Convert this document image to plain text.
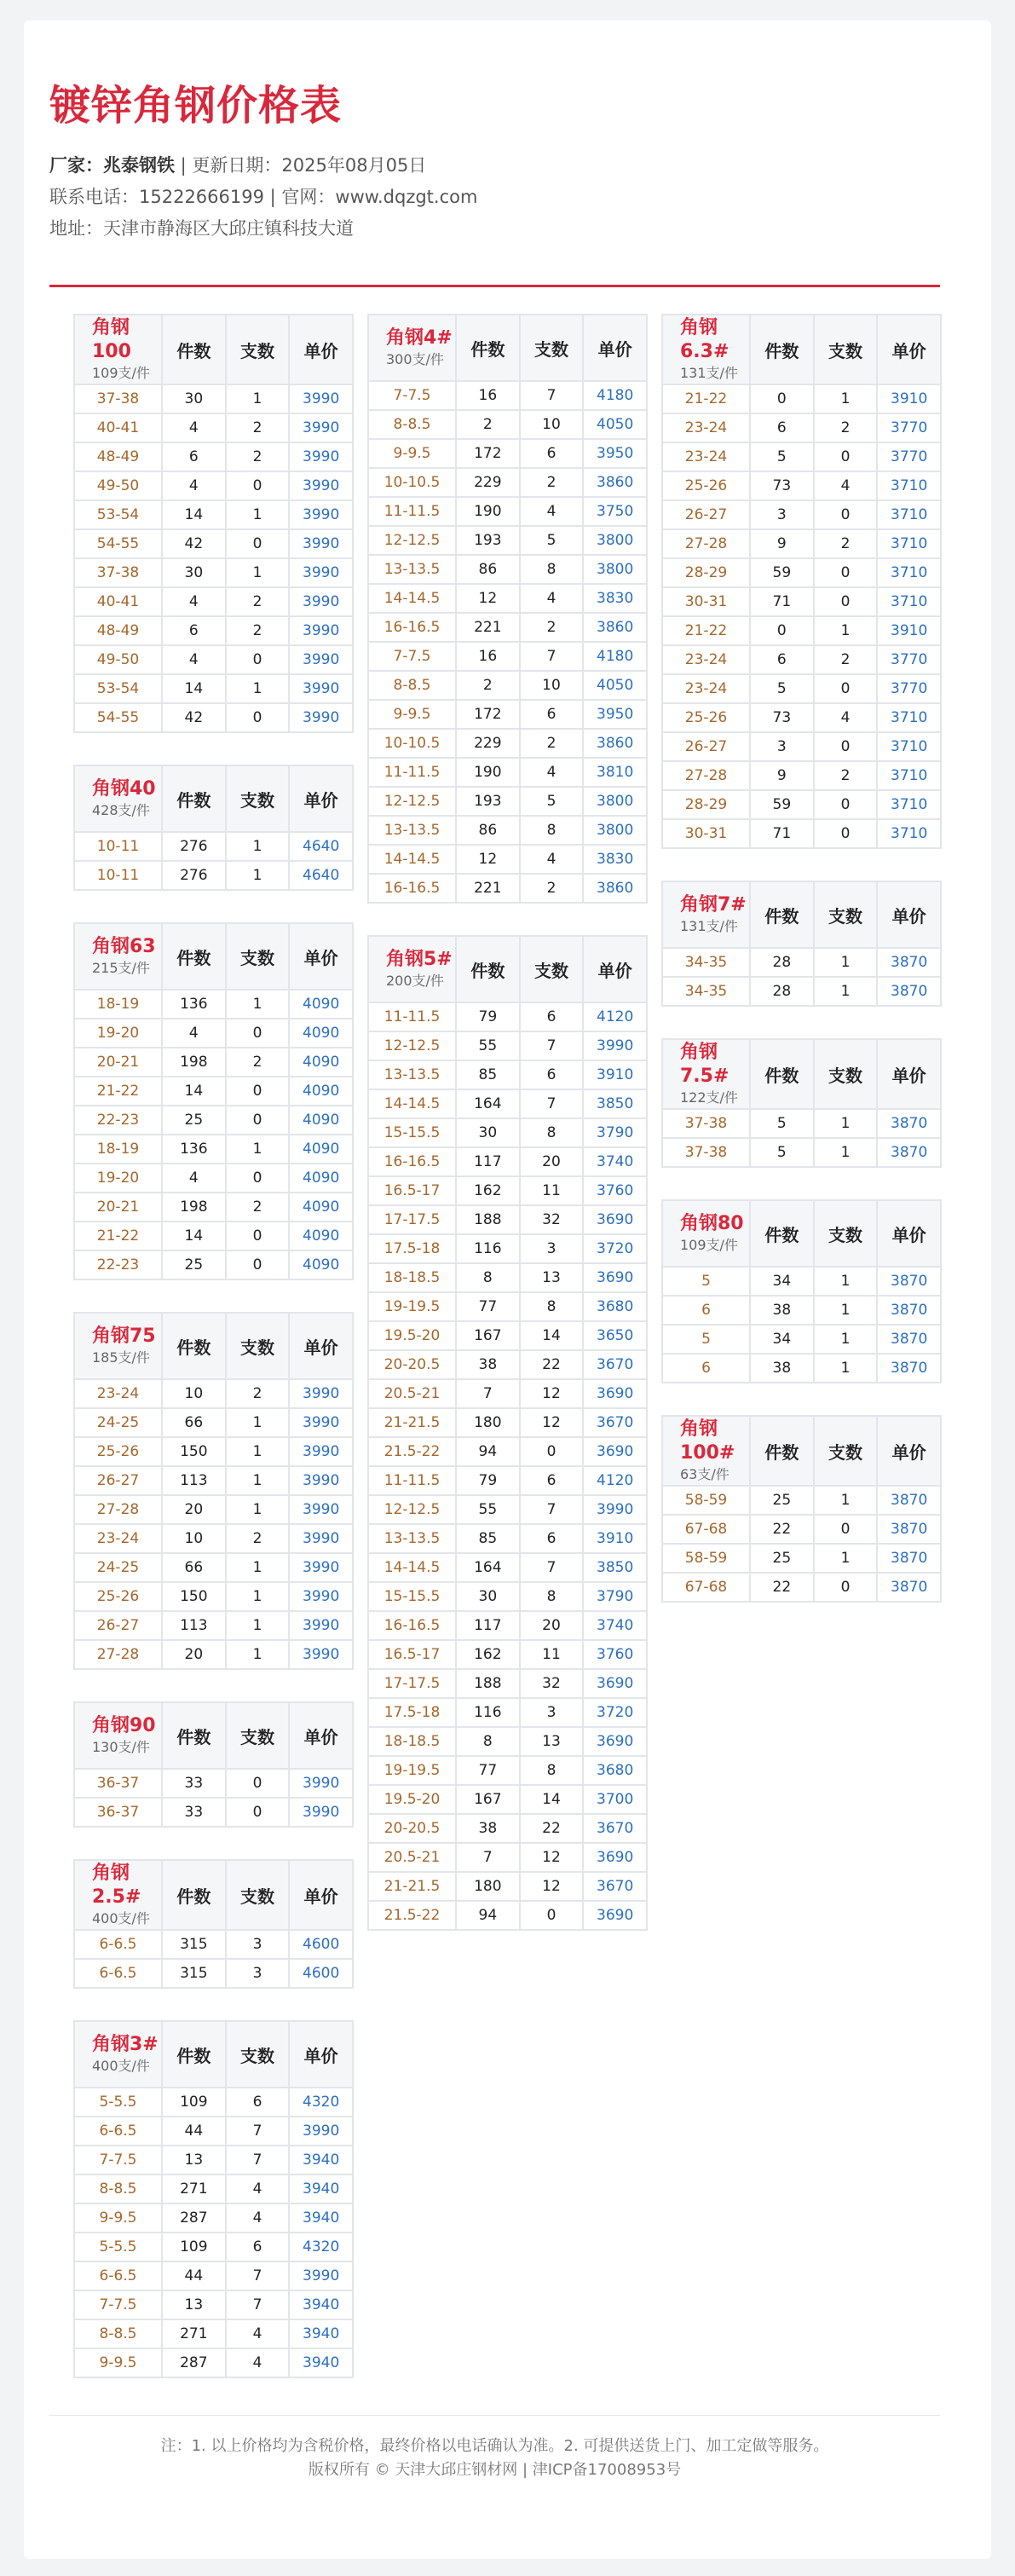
镀锌角钢价格表
厂家：兆泰钢铁 | 更新日期：2025年08月05日
联系电话：15222666199 | 官网：www.dqzgt.com
地址：天津市静海区大邱庄镇科技大道
角钢100
109支/件	件数	支数	单价
37-38	30	1	3990
40-41	4	2	3990
48-49	6	2	3990
49-50	4	0	3990
53-54	14	1	3990
54-55	42	0	3990
37-38	30	1	3990
40-41	4	2	3990
48-49	6	2	3990
49-50	4	0	3990
53-54	14	1	3990
54-55	42	0	3990
角钢40
428支/件	件数	支数	单价
10-11	276	1	4640
10-11	276	1	4640
角钢63
215支/件	件数	支数	单价
18-19	136	1	4090
19-20	4	0	4090
20-21	198	2	4090
21-22	14	0	4090
22-23	25	0	4090
18-19	136	1	4090
19-20	4	0	4090
20-21	198	2	4090
21-22	14	0	4090
22-23	25	0	4090
角钢75
185支/件	件数	支数	单价
23-24	10	2	3990
24-25	66	1	3990
25-26	150	1	3990
26-27	113	1	3990
27-28	20	1	3990
23-24	10	2	3990
24-25	66	1	3990
25-26	150	1	3990
26-27	113	1	3990
27-28	20	1	3990
角钢90
130支/件	件数	支数	单价
36-37	33	0	3990
36-37	33	0	3990
角钢2.5#
400支/件	件数	支数	单价
6-6.5	315	3	4600
6-6.5	315	3	4600
角钢3#
400支/件	件数	支数	单价
5-5.5	109	6	4320
6-6.5	44	7	3990
7-7.5	13	7	3940
8-8.5	271	4	3940
9-9.5	287	4	3940
5-5.5	109	6	4320
6-6.5	44	7	3990
7-7.5	13	7	3940
8-8.5	271	4	3940
9-9.5	287	4	3940
角钢4#
300支/件	件数	支数	单价
7-7.5	16	7	4180
8-8.5	2	10	4050
9-9.5	172	6	3950
10-10.5	229	2	3860
11-11.5	190	4	3750
12-12.5	193	5	3800
13-13.5	86	8	3800
14-14.5	12	4	3830
16-16.5	221	2	3860
7-7.5	16	7	4180
8-8.5	2	10	4050
9-9.5	172	6	3950
10-10.5	229	2	3860
11-11.5	190	4	3810
12-12.5	193	5	3800
13-13.5	86	8	3800
14-14.5	12	4	3830
16-16.5	221	2	3860
角钢5#
200支/件	件数	支数	单价
11-11.5	79	6	4120
12-12.5	55	7	3990
13-13.5	85	6	3910
14-14.5	164	7	3850
15-15.5	30	8	3790
16-16.5	117	20	3740
16.5-17	162	11	3760
17-17.5	188	32	3690
17.5-18	116	3	3720
18-18.5	8	13	3690
19-19.5	77	8	3680
19.5-20	167	14	3650
20-20.5	38	22	3670
20.5-21	7	12	3690
21-21.5	180	12	3670
21.5-22	94	0	3690
11-11.5	79	6	4120
12-12.5	55	7	3990
13-13.5	85	6	3910
14-14.5	164	7	3850
15-15.5	30	8	3790
16-16.5	117	20	3740
16.5-17	162	11	3760
17-17.5	188	32	3690
17.5-18	116	3	3720
18-18.5	8	13	3690
19-19.5	77	8	3680
19.5-20	167	14	3700
20-20.5	38	22	3670
20.5-21	7	12	3690
21-21.5	180	12	3670
21.5-22	94	0	3690
角钢6.3#
131支/件	件数	支数	单价
21-22	0	1	3910
23-24	6	2	3770
23-24	5	0	3770
25-26	73	4	3710
26-27	3	0	3710
27-28	9	2	3710
28-29	59	0	3710
30-31	71	0	3710
21-22	0	1	3910
23-24	6	2	3770
23-24	5	0	3770
25-26	73	4	3710
26-27	3	0	3710
27-28	9	2	3710
28-29	59	0	3710
30-31	71	0	3710
角钢7#
131支/件	件数	支数	单价
34-35	28	1	3870
34-35	28	1	3870
角钢7.5#
122支/件	件数	支数	单价
37-38	5	1	3870
37-38	5	1	3870
角钢80
109支/件	件数	支数	单价
5	34	1	3870
6	38	1	3870
5	34	1	3870
6	38	1	3870
角钢100#
63支/件	件数	支数	单价
58-59	25	1	3870
67-68	22	0	3870
58-59	25	1	3870
67-68	22	0	3870
注：1. 以上价格均为含税价格，最终价格以电话确认为准。2. 可提供送货上门、加工定做等服务。
版权所有 © 天津大邱庄钢材网 | 津ICP备17008953号
